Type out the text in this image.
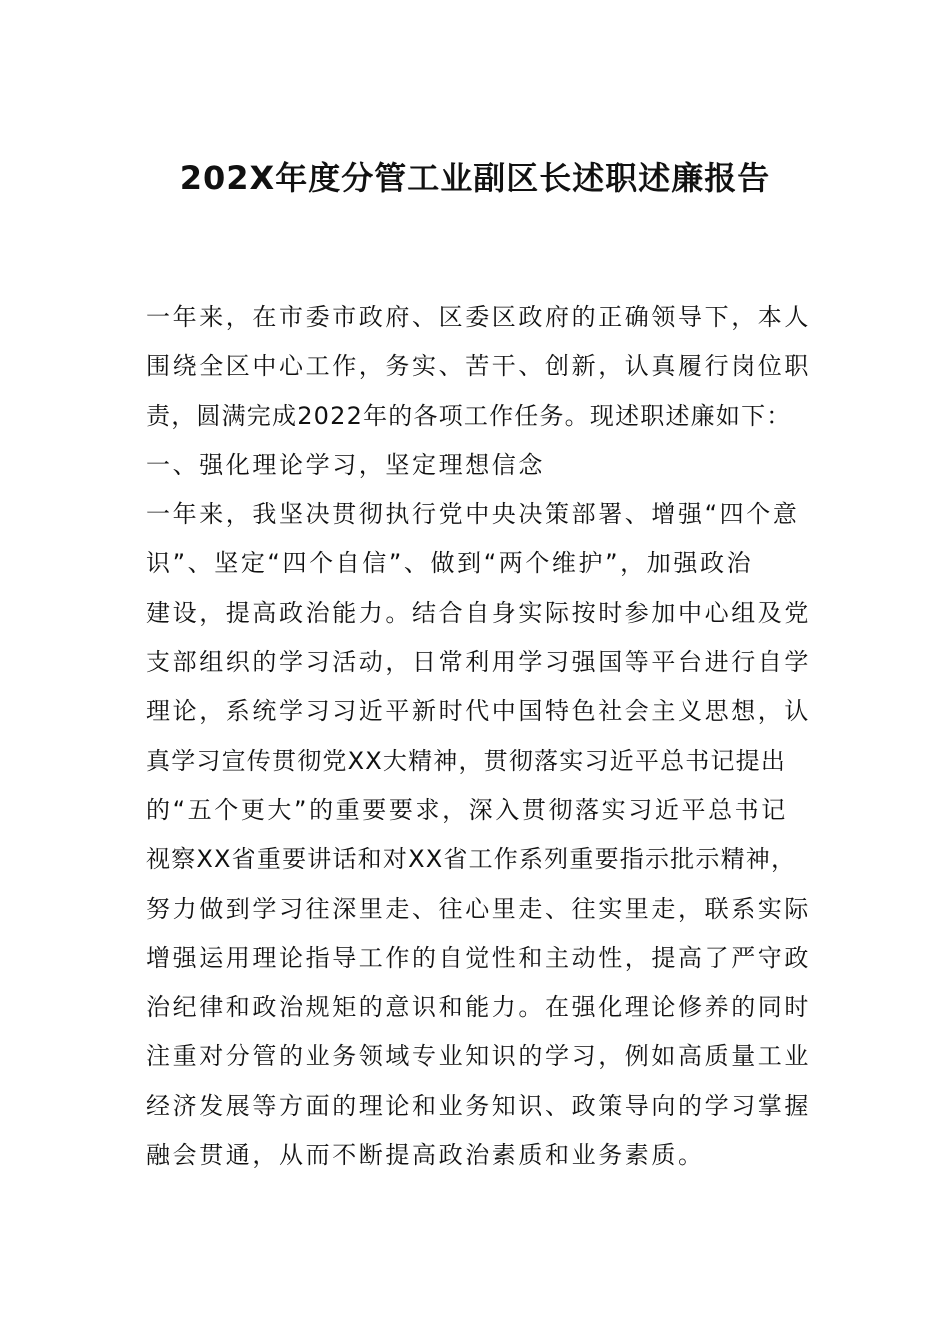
202X年度分管工业副区长述职述廉报告
一年来，在市委市政府、区委区政府的正确领导下，本人
围绕全区中心工作，务实、苦干、创新，认真履行岗位职
责，圆满完成2022年的各项工作任务。现述职述廉如下：
一、强化理论学习，坚定理想信念
一年来，我坚决贯彻执行党中央决策部署、增强“四个意
识”、坚定“四个自信”、做到“两个维护”，加强政治
建设，提高政治能力。结合自身实际按时参加中心组及党
支部组织的学习活动，日常利用学习强国等平台进行自学
理论，系统学习习近平新时代中国特色社会主义思想，认
真学习宣传贯彻党XX大精神，贯彻落实习近平总书记提出
的“五个更大”的重要要求，深入贯彻落实习近平总书记
视察XX省重要讲话和对XX省工作系列重要指示批示精神，
努力做到学习往深里走、往心里走、往实里走，联系实际
增强运用理论指导工作的自觉性和主动性，提高了严守政
治纪律和政治规矩的意识和能力。在强化理论修养的同时
注重对分管的业务领域专业知识的学习，例如高质量工业
经济发展等方面的理论和业务知识、政策导向的学习掌握
融会贯通，从而不断提高政治素质和业务素质。
